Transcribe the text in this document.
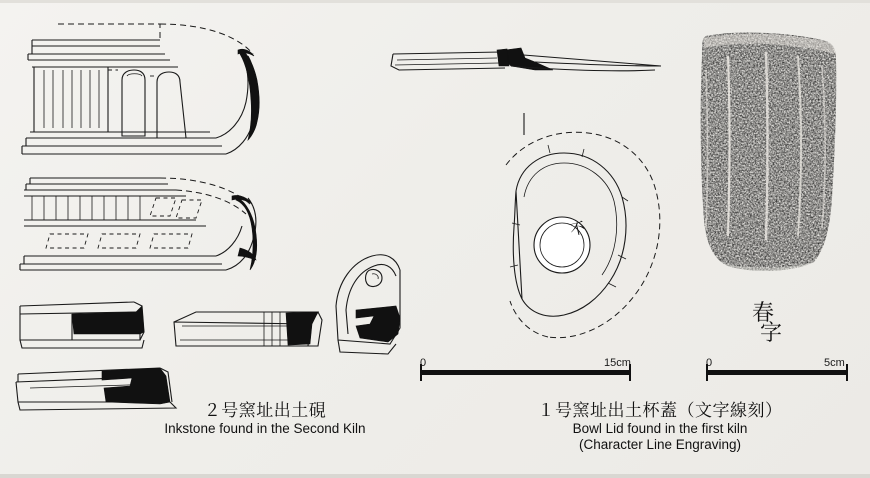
不
春
字
0	15cm	0	5cm
２号窯址出土硯
Inkstone found in the Second Kiln
１号窯址出土杯蓋（文字線刻）
Bowl Lid found in the first kiln
(Character Line Engraving)
